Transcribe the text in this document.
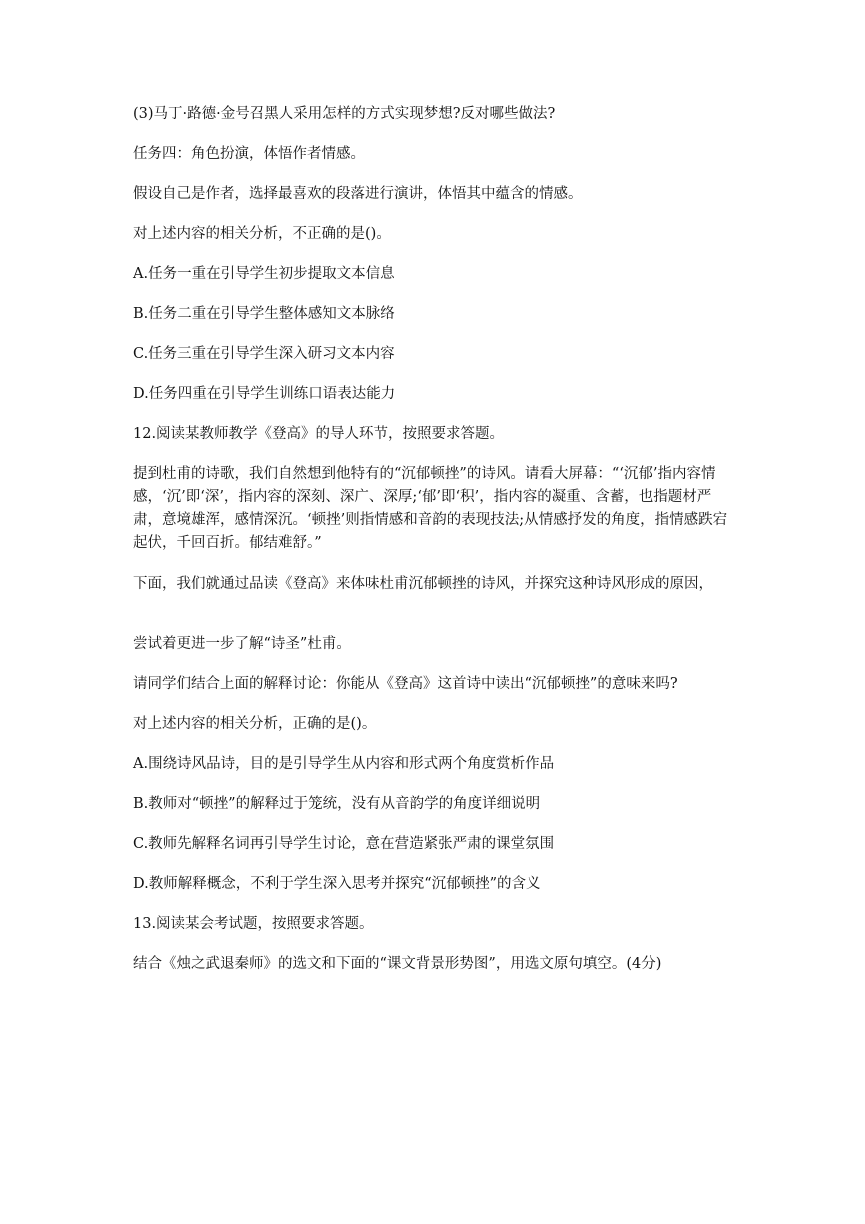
(3)马丁·路德·金号召黑人采用怎样的方式实现梦想?反对哪些做法?

任务四：角色扮演，体悟作者情感。

假设自己是作者，选择最喜欢的段落进行演讲，体悟其中蕴含的情感。

对上述内容的相关分析，不正确的是()。

A.任务一重在引导学生初步提取文本信息

B.任务二重在引导学生整体感知文本脉络

C.任务三重在引导学生深入研习文本内容

D.任务四重在引导学生训练口语表达能力

12.阅读某教师教学《登高》的导人环节，按照要求答题。

提到杜甫的诗歌，我们自然想到他特有的“沉郁顿挫”的诗风。请看大屏幕：“‘沉郁’指内容情感，‘沉’即‘深’，指内容的深刻、深广、深厚;‘郁’即‘积’，指内容的凝重、含蓄，也指题材严肃，意境雄浑，感情深沉。‘顿挫’则指情感和音韵的表现技法;从情感抒发的角度，指情感跌宕起伏，千回百折。郁结难舒。”

下面，我们就通过品读《登高》来体味杜甫沉郁顿挫的诗风，并探究这种诗风形成的原因，

尝试着更进一步了解“诗圣”杜甫。

请同学们结合上面的解释讨论：你能从《登高》这首诗中读出“沉郁顿挫”的意味来吗?

对上述内容的相关分析，正确的是()。

A.围绕诗风品诗，目的是引导学生从内容和形式两个角度赏析作品

B.教师对“顿挫”的解释过于笼统，没有从音韵学的角度详细说明

C.教师先解释名词再引导学生讨论，意在营造紧张严肃的课堂氛围

D.教师解释概念，不利于学生深入思考并探究“沉郁顿挫”的含义

13.阅读某会考试题，按照要求答题。

结合《烛之武退秦师》的选文和下面的“课文背景形势图”，用选文原句填空。(4分)
